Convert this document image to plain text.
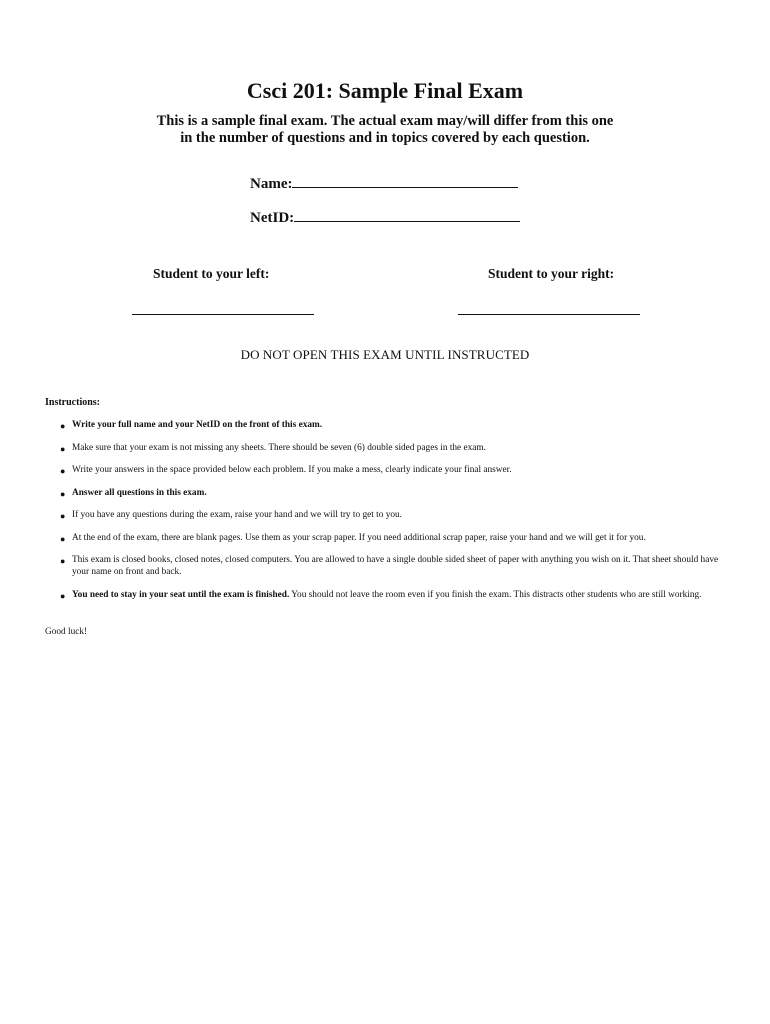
Csci 201: Sample Final Exam
This is a sample final exam. The actual exam may/will differ from this one
in the number of questions and in topics covered by each question.
Name:
NetID:
Student to your left:	Student to your right:
DO NOT OPEN THIS EXAM UNTIL INSTRUCTED
Instructions:
● Write your full name and your NetID on the front of this exam.
● Make sure that your exam is not missing any sheets. There should be seven (6) double sided pages in the exam.
● Write your answers in the space provided below each problem. If you make a mess, clearly indicate your final answer.
● Answer all questions in this exam.
● If you have any questions during the exam, raise your hand and we will try to get to you.
● At the end of the exam, there are blank pages. Use them as your scrap paper. If you need additional scrap paper, raise your hand and we will get it for you.
● This exam is closed books, closed notes, closed computers. You are allowed to have a single double sided sheet of paper with anything you wish on it. That sheet should have your name on front and back.
● You need to stay in your seat until the exam is finished. You should not leave the room even if you finish the exam. This distracts other students who are still working.
Good luck!
